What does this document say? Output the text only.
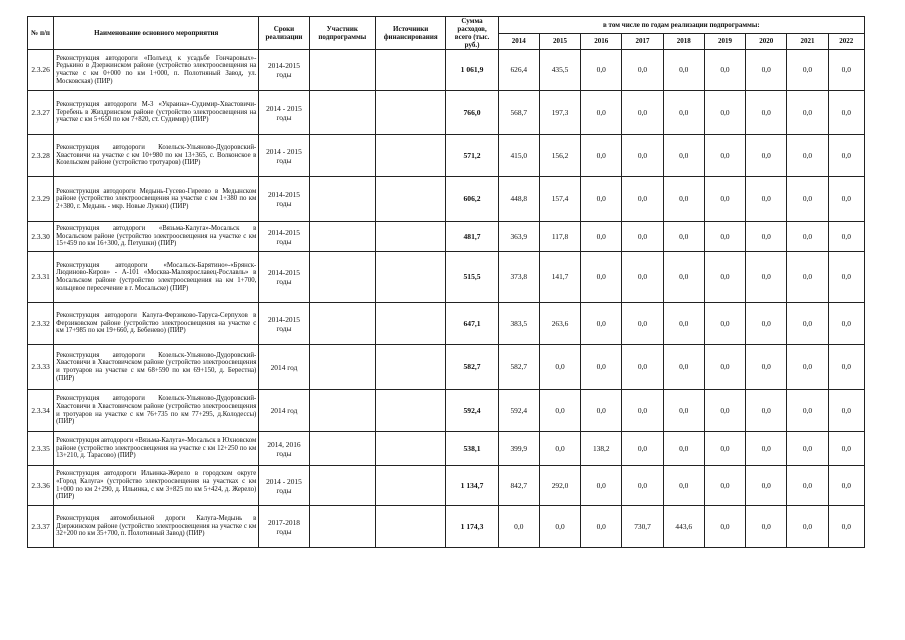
№ п/п	Наименование основного мероприятия	Сроки реализации	Участник подпрограммы	Источники финансирования	Сумма расходов, всего (тыс. руб.)	в том числе по годам реализации подпрограммы:								
						2014	2015	2016	2017	2018	2019	2020	2021	2022
2.3.26	Реконструкция автодороги «Полъезд к усадьбе Гончаровых»-Редькино в Дзержинском районе (устройство электроосвещения на участке с км 0+000 по км 1+000, п. Полотняный Завод, ул. Московская) (ПИР)	2014-2015 годы			1 061,9	626,4	435,5	0,0	0,0	0,0	0,0	0,0	0,0	0,0
2.3.27	Реконструкция автодороги М-3 «Украина»-Судимир-Хвастовичи-Теребень в Жиздринском районе (устройство электроосвещения на участке с км 5+650 по км 7+820, ст. Судимир) (ПИР)	2014 - 2015 годы			766,0	568,7	197,3	0,0	0,0	0,0	0,0	0,0	0,0	0,0
2.3.28	Реконструкция автодороги Козельск-Ульяново-Дудоровский-Хвастовичи на участке с км 10+980 по км 13+365, с. Волконское в Козельском районе (устройство тротуаров) (ПИР)	2014 - 2015 годы			571,2	415,0	156,2	0,0	0,0	0,0	0,0	0,0	0,0	0,0
2.3.29	Реконструкция автодороги Медынь-Гусево-Гиреево в Медынском районе (устройство электроосвещения на участке с км 1+380 по км 2+380, г. Медынь - мкр. Новые Лужки) (ПИР)	2014-2015 годы			606,2	448,8	157,4	0,0	0,0	0,0	0,0	0,0	0,0	0,0
2.3.30	Реконструкция автодороги «Вязьма-Калуга»-Мосальск в Мосальском районе (устройство электроосвещения на участке с км 15+459 по км 16+300, д. Петушки) (ПИР)	2014-2015 годы			481,7	363,9	117,8	0,0	0,0	0,0	0,0	0,0	0,0	0,0
2.3.31	Реконструкция автодороги «Мосальск-Барятино»-«Брянск-Людиново-Киров» - А-101 «Москва-Малоярославец-Рославль» в Мосальском районе (устройство электроосвещения на км 1+700, кольцевое пересечение в г. Мосальске) (ПИР)	2014-2015 годы			515,5	373,8	141,7	0,0	0,0	0,0	0,0	0,0	0,0	0,0
2.3.32	Реконструкция автодороги Калуга-Ферзиково-Таруса-Серпухов в Ферзиковском районе (устройство электроосвещения на участке с км 17+985 по км 19+660, д. Бебенево) (ПИР)	2014-2015 годы			647,1	383,5	263,6	0,0	0,0	0,0	0,0	0,0	0,0	0,0
2.3.33	Реконструкция автодороги Козельск-Ульяново-Дудоровский-Хвастовичи в Хвастовичском районе (устройство электроосвещения и тротуаров на участке с км 68+590 по км 69+150, д. Берестна) (ПИР)	2014 год			582,7	582,7	0,0	0,0	0,0	0,0	0,0	0,0	0,0	0,0
2.3.34	Реконструкция автодороги Козельск-Ульяново-Дудоровский-Хвастовичи в Хвастовичском районе (устройство электроосвещения и тротуаров на участке с км 76+735 по км 77+295, д.Колодессы) (ПИР)	2014 год			592,4	592,4	0,0	0,0	0,0	0,0	0,0	0,0	0,0	0,0
2.3.35	Реконструкция автодороги «Вязьма-Калуга»-Мосальск в Юхновском районе (устройство электроосвещения на участке с км 12+250 по км 13+210, д. Тарасово) (ПИР)	2014, 2016 годы			538,1	399,9	0,0	138,2	0,0	0,0	0,0	0,0	0,0	0,0
2.3.36	Реконструкция автодороги Ильинка-Жерело в городском округе «Город Калуга» (устройство электроосвещения на участках с км 1+000 по км 2+290, д. Ильинка, с км 3+825 по км 5+424, д. Жерело) (ПИР)	2014 - 2015 годы			1 134,7	842,7	292,0	0,0	0,0	0,0	0,0	0,0	0,0	0,0
2.3.37	Реконструкция автомобильной дороги Калуга-Медынь в Дзержинском районе (устройство электроосвещения на участке с км 32+200 по км 35+700, п. Полотняный Завод) (ПИР)	2017-2018 годы			1 174,3	0,0	0,0	0,0	730,7	443,6	0,0	0,0	0,0	0,0
